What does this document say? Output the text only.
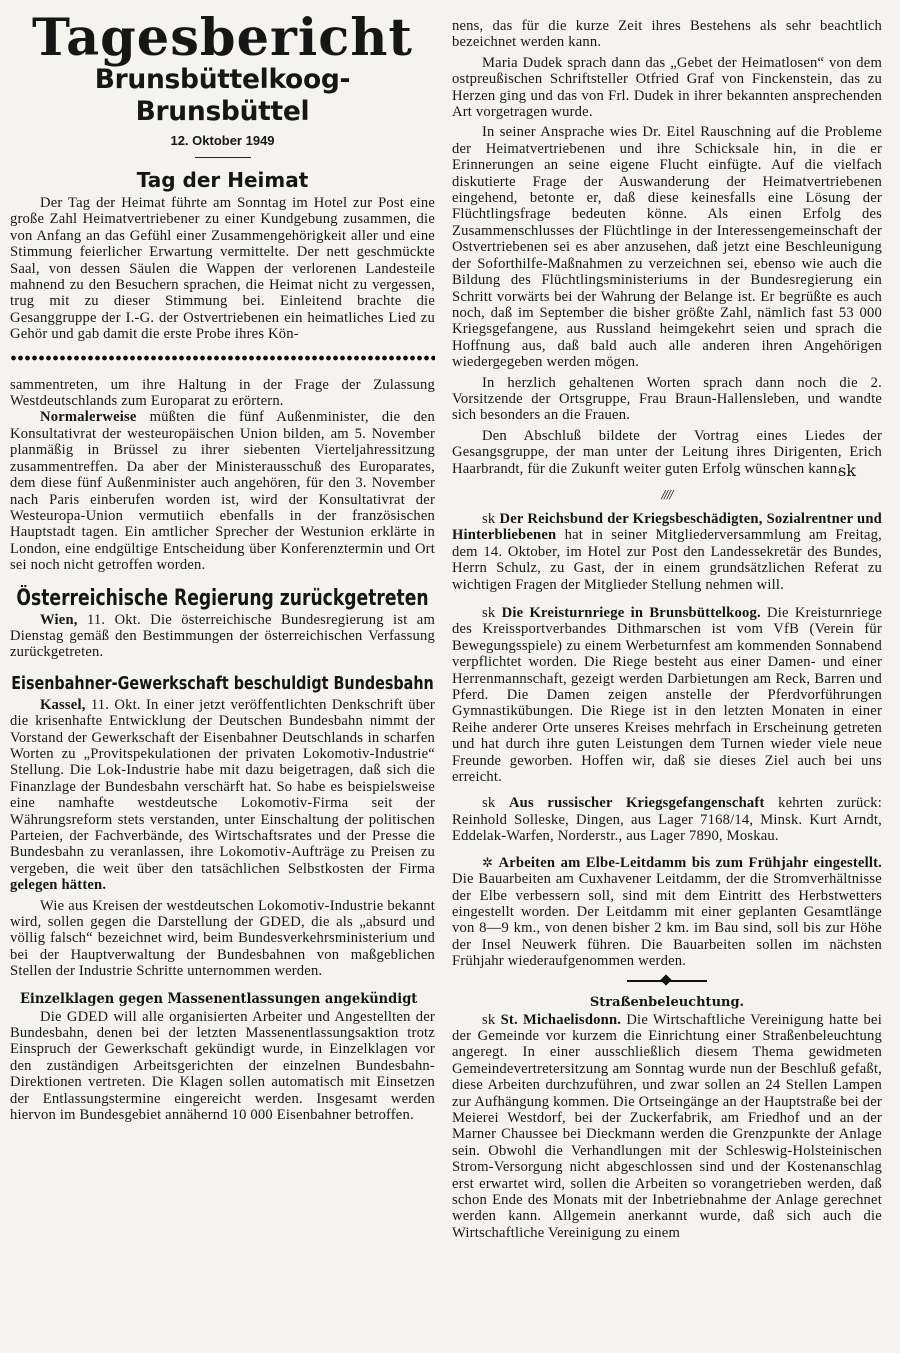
Tagesbericht
Brunsbüttelkoog-Brunsbüttel
12. Oktober 1949
Tag der Heimat

Der Tag der Heimat führte am Sonntag im Hotel zur Post eine große Zahl Heimatvertriebener zu einer Kundgebung zusammen, die von Anfang an das Gefühl einer Zusammengehörigkeit aller und eine Stimmung feierlicher Erwartung vermittelte. Der nett geschmückte Saal, von dessen Säulen die Wappen der verlorenen Landesteile mahnend zu den Besuchern sprachen, die Heimat nicht zu vergessen, trug mit zu dieser Stimmung bei. Einleitend brachte die Gesanggruppe der I.-G. der Ostvertriebenen ein heimatliches Lied zu Gehör und gab damit die erste Probe ihres Kön-

sammentreten, um ihre Haltung in der Frage der Zulassung Westdeutschlands zum Europarat zu erörtern.

Normalerweise müßten die fünf Außenminister, die den Konsultativrat der westeuropäischen Union bilden, am 5. November planmäßig in Brüssel zu ihrer siebenten Vierteljahressitzung zusammentreffen. Da aber der Ministerausschuß des Europarates, dem diese fünf Außenminister auch angehören, für den 3. November nach Paris einberufen worden ist, wird der Konsultativrat der Westeuropa-Union vermutiich ebenfalls in der französischen Hauptstadt tagen. Ein amtlicher Sprecher der Westunion erklärte in London, eine endgültige Entscheidung über Konferenztermin und Ort sei noch nicht getroffen worden.

Österreichische Regierung zurückgetreten

Wien, 11. Okt. Die österreichische Bundesregierung ist am Dienstag gemäß den Bestimmungen der österreichischen Verfassung zurückgetreten.

Eisenbahner-Gewerkschaft beschuldigt Bundesbahn

Kassel, 11. Okt. In einer jetzt veröffentlichten Denkschrift über die krisenhafte Entwicklung der Deutschen Bundesbahn nimmt der Vorstand der Gewerkschaft der Eisenbahner Deutschlands in scharfen Worten zu „Provitspekulationen der privaten Lokomotiv-Industrie“ Stellung. Die Lok-Industrie habe mit dazu beigetragen, daß sich die Finanzlage der Bundesbahn verschärft hat. So habe es beispielsweise eine namhafte westdeutsche Lokomotiv-Firma seit der Währungsreform stets verstanden, unter Einschaltung der politischen Parteien, der Fachverbände, des Wirtschaftsrates und der Presse die Bundesbahn zu veranlassen, ihre Lokomotiv-Aufträge zu Preisen zu vergeben, die weit über den tatsächlichen Selbstkosten der Firma gelegen hätten.

Wie aus Kreisen der westdeutschen Lokomotiv-Industrie bekannt wird, sollen gegen die Darstellung der GDED, die als „absurd und völlig falsch“ bezeichnet wird, beim Bundesverkehrsministerium und bei der Hauptverwaltung der Bundesbahnen von maßgeblichen Stellen der Industrie Schritte unternommen werden.

Einzelklagen gegen Massenentlassungen angekündigt

Die GDED will alle organisierten Arbeiter und Angestellten der Bundesbahn, denen bei der letzten Massenentlassungsaktion trotz Einspruch der Gewerkschaft gekündigt wurde, in Einzelklagen vor den zuständigen Arbeitsgerichten der einzelnen Bundesbahn-Direktionen vertreten. Die Klagen sollen automatisch mit Einsetzen der Entlassungstermine eingereicht werden. Insgesamt werden hiervon im Bundesgebiet annähernd 10 000 Eisenbahner betroffen.

nens, das für die kurze Zeit ihres Bestehens als sehr beachtlich bezeichnet werden kann.

Maria Dudek sprach dann das „Gebet der Heimatlosen“ von dem ostpreußischen Schriftsteller Otfried Graf von Finckenstein, das zu Herzen ging und das von Frl. Dudek in ihrer bekannten ansprechenden Art vorgetragen wurde.

In seiner Ansprache wies Dr. Eitel Rauschning auf die Probleme der Heimatvertriebenen und ihre Schicksale hin, in die er Erinnerungen an seine eigene Flucht einfügte. Auf die vielfach diskutierte Frage der Auswanderung der Heimatvertriebenen eingehend, betonte er, daß diese keinesfalls eine Lösung der Flüchtlingsfrage bedeuten könne. Als einen Erfolg des Zusammenschlusses der Flüchtlinge in der Interessengemeinschaft der Ostvertriebenen sei es aber anzusehen, daß jetzt eine Beschleunigung der Soforthilfe-Maßnahmen zu verzeichnen sei, ebenso wie auch die Bildung des Flüchtlingsministeriums in der Bundesregierung ein Schritt vorwärts bei der Wahrung der Belange ist. Er begrüßte es auch noch, daß im September die bisher größte Zahl, nämlich fast 53 000 Kriegsgefangene, aus Russland heimgekehrt seien und sprach die Hoffnung aus, daß bald auch alle anderen ihren Angehörigen wiedergegeben werden mögen.

In herzlich gehaltenen Worten sprach dann noch die 2. Vorsitzende der Ortsgruppe, Frau Braun-Hallensleben, und wandte sich besonders an die Frauen.

Den Abschluß bildete der Vortrag eines Liedes der Gesangsgruppe, der man unter der Leitung ihres Dirigenten, Erich Haarbrandt, für die Zukunft weiter guten Erfolg wünschen kann.

sk
////

sk Der Reichsbund der Kriegsbeschädigten, Sozialrentner und Hinterbliebenen hat in seiner Mitgliederversammlung am Freitag, dem 14. Oktober, im Hotel zur Post den Landessekretär des Bundes, Herrn Schulz, zu Gast, der in einem grundsätzlichen Referat zu wichtigen Fragen der Mitglieder Stellung nehmen will.

sk Die Kreisturnriege in Brunsbüttelkoog. Die Kreisturnriege des Kreissportverbandes Dithmarschen ist vom VfB (Verein für Bewegungsspiele) zu einem Werbeturnfest am kommenden Sonnabend verpflichtet worden. Die Riege besteht aus einer Damen- und einer Herrenmannschaft, gezeigt werden Darbietungen am Reck, Barren und Pferd. Die Damen zeigen anstelle der Pferdvorführungen Gymnastikübungen. Die Riege ist in den letzten Monaten in einer Reihe anderer Orte unseres Kreises mehrfach in Erscheinung getreten und hat durch ihre guten Leistungen dem Turnen wieder viele neue Freunde geworben. Hoffen wir, daß sie dieses Ziel auch bei uns erreicht.

sk Aus russischer Kriegsgefangenschaft kehrten zurück: Reinhold Solleske, Dingen, aus Lager 7168/14, Minsk. Kurt Arndt, Eddelak-Warfen, Norderstr., aus Lager 7890, Moskau.

✲ Arbeiten am Elbe-Leitdamm bis zum Frühjahr eingestellt. Die Bauarbeiten am Cuxhavener Leitdamm, der die Stromverhältnisse der Elbe verbessern soll, sind mit dem Eintritt des Herbstwetters eingestellt worden. Der Leitdamm mit einer geplanten Gesamtlänge von 8—9 km., von denen bisher 2 km. im Bau sind, soll bis zur Höhe der Insel Neuwerk führen. Die Bauarbeiten sollen im nächsten Frühjahr wiederaufgenommen werden.

Straßenbeleuchtung.

sk St. Michaelisdonn. Die Wirtschaftliche Vereinigung hatte bei der Gemeinde vor kurzem die Einrichtung einer Straßenbeleuchtung angeregt. In einer ausschließlich diesem Thema gewidmeten Gemeindevertretersitzung am Sonntag wurde nun der Beschluß gefaßt, diese Arbeiten durchzuführen, und zwar sollen an 24 Stellen Lampen zur Aufhängung kommen. Die Ortseingänge an der Hauptstraße bei der Meierei Westdorf, bei der Zuckerfabrik, am Friedhof und an der Marner Chaussee bei Dieckmann werden die Grenzpunkte der Anlage sein. Obwohl die Verhandlungen mit der Schleswig-Holsteinischen Strom-Versorgung nicht abgeschlossen sind und der Kostenanschlag erst erwartet wird, sollen die Arbeiten so vorangetrieben werden, daß schon Ende des Monats mit der Inbetriebnahme der Anlage gerechnet werden kann. Allgemein anerkannt wurde, daß sich auch die Wirtschaftliche Vereinigung zu einem
